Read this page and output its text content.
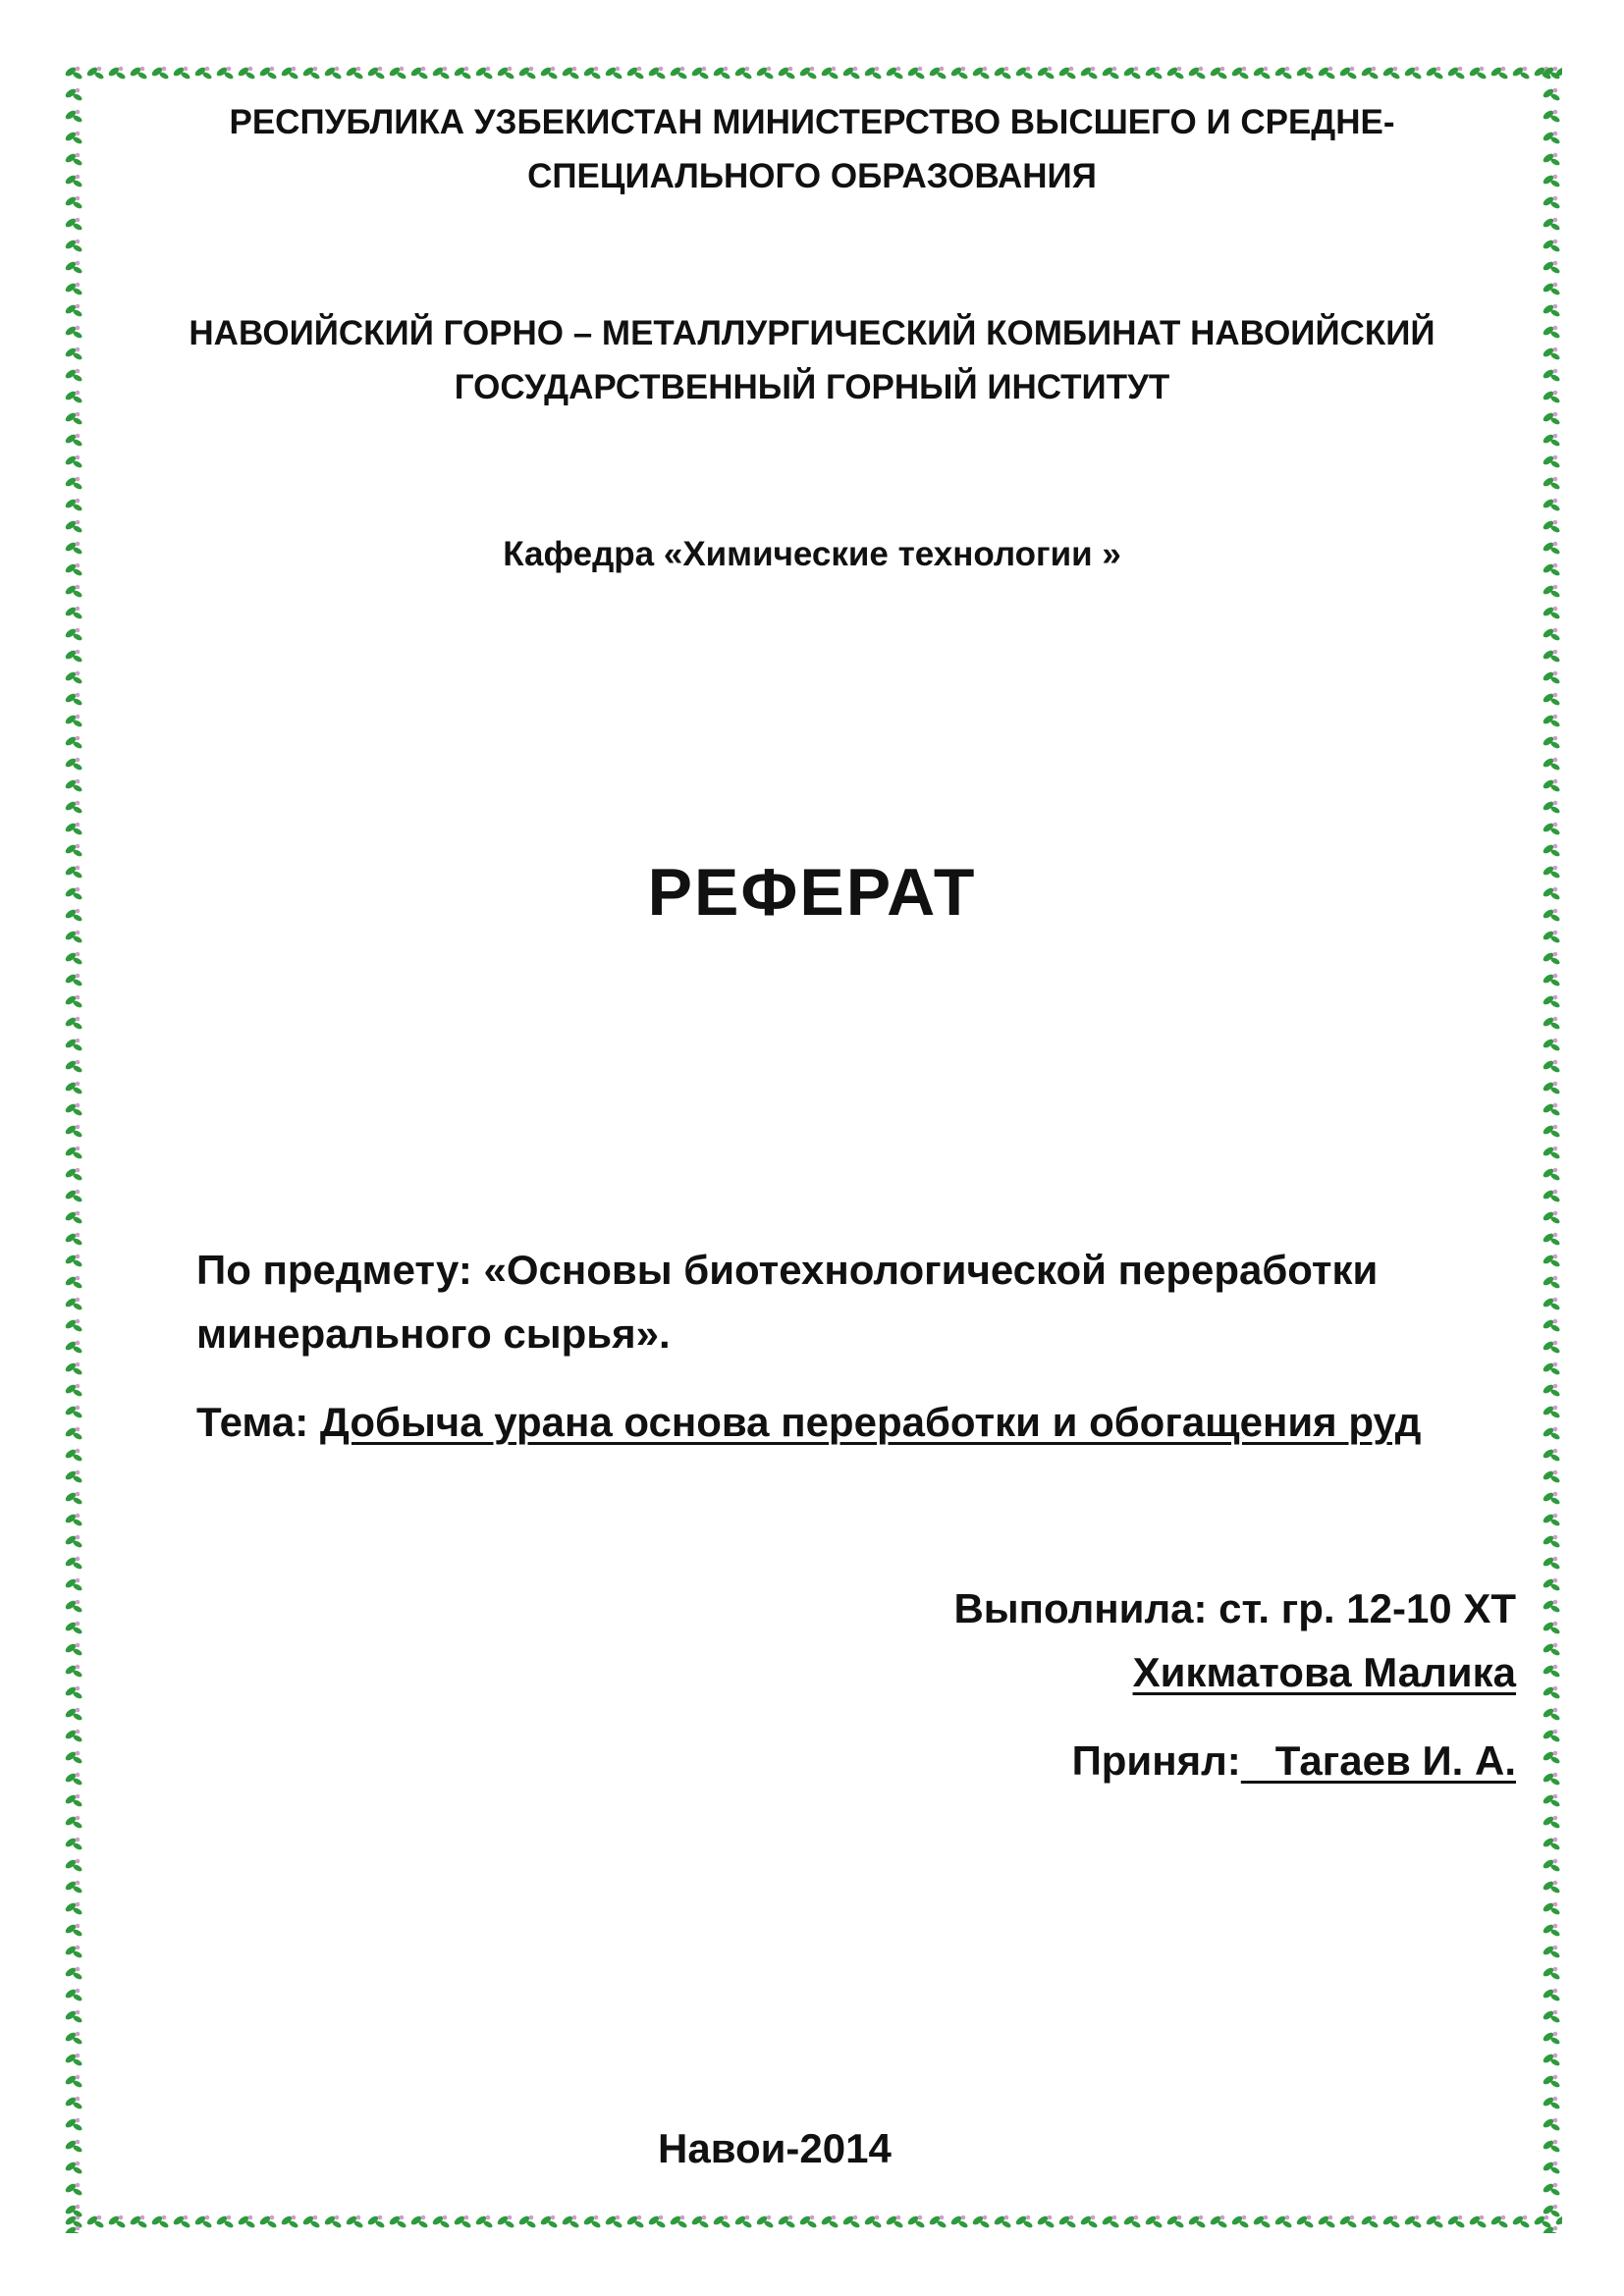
РЕСПУБЛИКА УЗБЕКИСТАН МИНИСТЕРСТВО ВЫСШЕГО И СРЕДНЕ-
СПЕЦИАЛЬНОГО ОБРАЗОВАНИЯ
НАВОИЙСКИЙ ГОРНО – МЕТАЛЛУРГИЧЕСКИЙ КОМБИНАТ НАВОИЙСКИЙ
ГОСУДАРСТВЕННЫЙ ГОРНЫЙ ИНСТИТУТ
Кафедра «Химические технологии »
РЕФЕРАТ
По предмету: «Основы биотехнологической переработки
минерального сырья».
Тема: Добыча урана основа переработки и обогащения руд
Выполнила: ст. гр. 12-10 ХТ
Хикматова Малика
Принял:   Тагаев И. А.
Навои-2014
